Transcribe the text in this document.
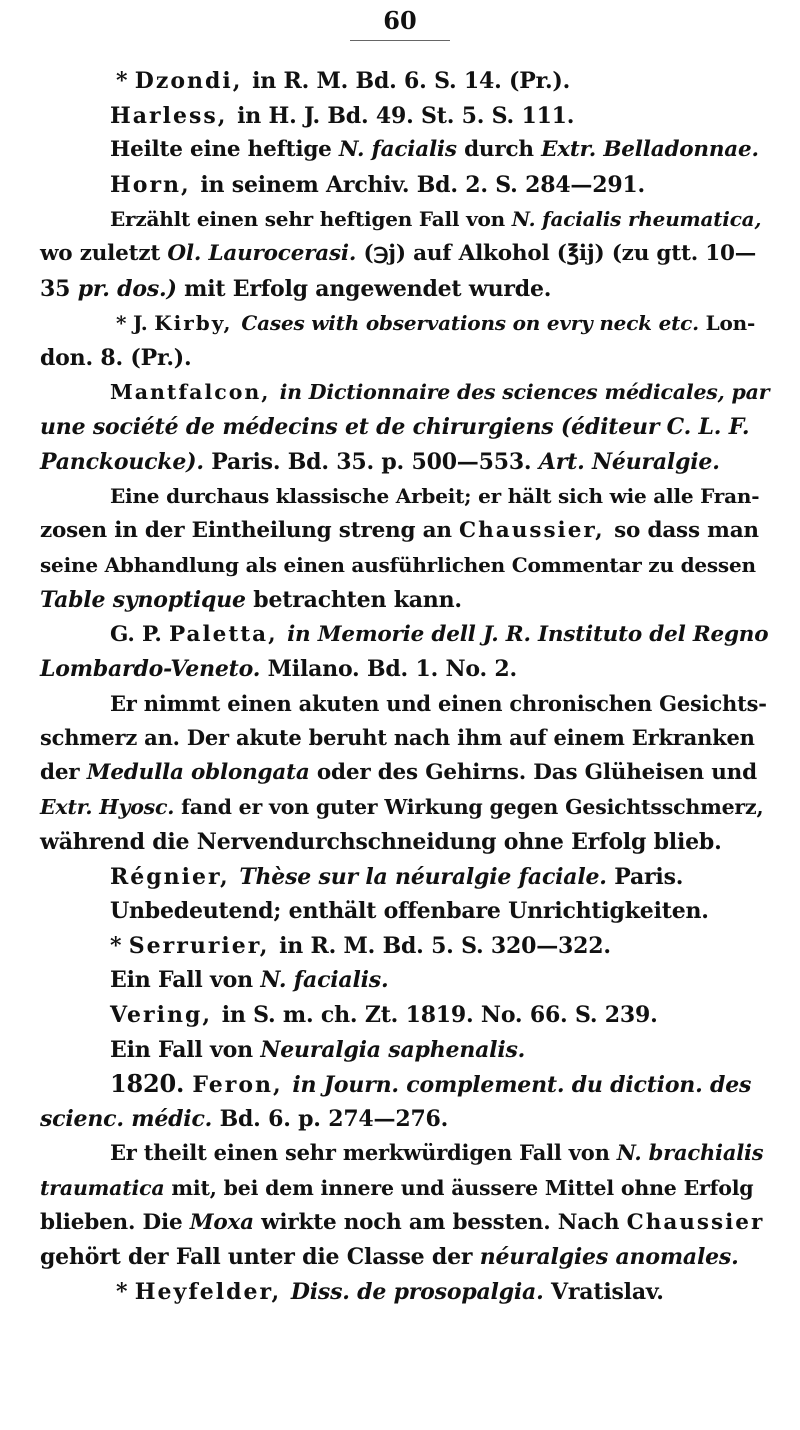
60

* Dzondi, in R. M. Bd. 6. S. 14. (Pr.).

Harless, in H. J. Bd. 49. St. 5. S. 111.

Heilte eine heftige N. facialis durch Extr. Belladonnae.

Horn, in seinem Archiv. Bd. 2. S. 284—291.

Erzählt einen sehr heftigen Fall von N. facialis rheumatica,

wo zuletzt Ol. Laurocerasi. (℈j) auf Alkohol (℥ij) (zu gtt. 10—

35 pr. dos.) mit Erfolg angewendet wurde.

* J. Kirby, Cases with observations on evry neck etc. Lon-

don. 8. (Pr.).

Mantfalcon, in Dictionnaire des sciences médicales, par

une société de médecins et de chirurgiens (éditeur C. L. F.

Panckoucke). Paris. Bd. 35. p. 500—553. Art. Néuralgie.

Eine durchaus klassische Arbeit; er hält sich wie alle Fran-

zosen in der Eintheilung streng an Chaussier, so dass man

seine Abhandlung als einen ausführlichen Commentar zu dessen

Table synoptique betrachten kann.

G. P. Paletta, in Memorie dell J. R. Instituto del Regno

Lombardo-Veneto. Milano. Bd. 1. No. 2.

Er nimmt einen akuten und einen chronischen Gesichts-

schmerz an. Der akute beruht nach ihm auf einem Erkranken

der Medulla oblongata oder des Gehirns. Das Glüheisen und

Extr. Hyosc. fand er von guter Wirkung gegen Gesichtsschmerz,

während die Nervendurchschneidung ohne Erfolg blieb.

Régnier, Thèse sur la néuralgie faciale. Paris.

Unbedeutend; enthält offenbare Unrichtigkeiten.

* Serrurier, in R. M. Bd. 5. S. 320—322.

Ein Fall von N. facialis.

Vering, in S. m. ch. Zt. 1819. No. 66. S. 239.

Ein Fall von Neuralgia saphenalis.

1820. Feron, in Journ. complement. du diction. des

scienc. médic. Bd. 6. p. 274—276.

Er theilt einen sehr merkwürdigen Fall von N. brachialis

traumatica mit, bei dem innere und äussere Mittel ohne Erfolg

blieben. Die Moxa wirkte noch am bessten. Nach Chaussier

gehört der Fall unter die Classe der néuralgies anomales.

* Heyfelder, Diss. de prosopalgia. Vratislav.
